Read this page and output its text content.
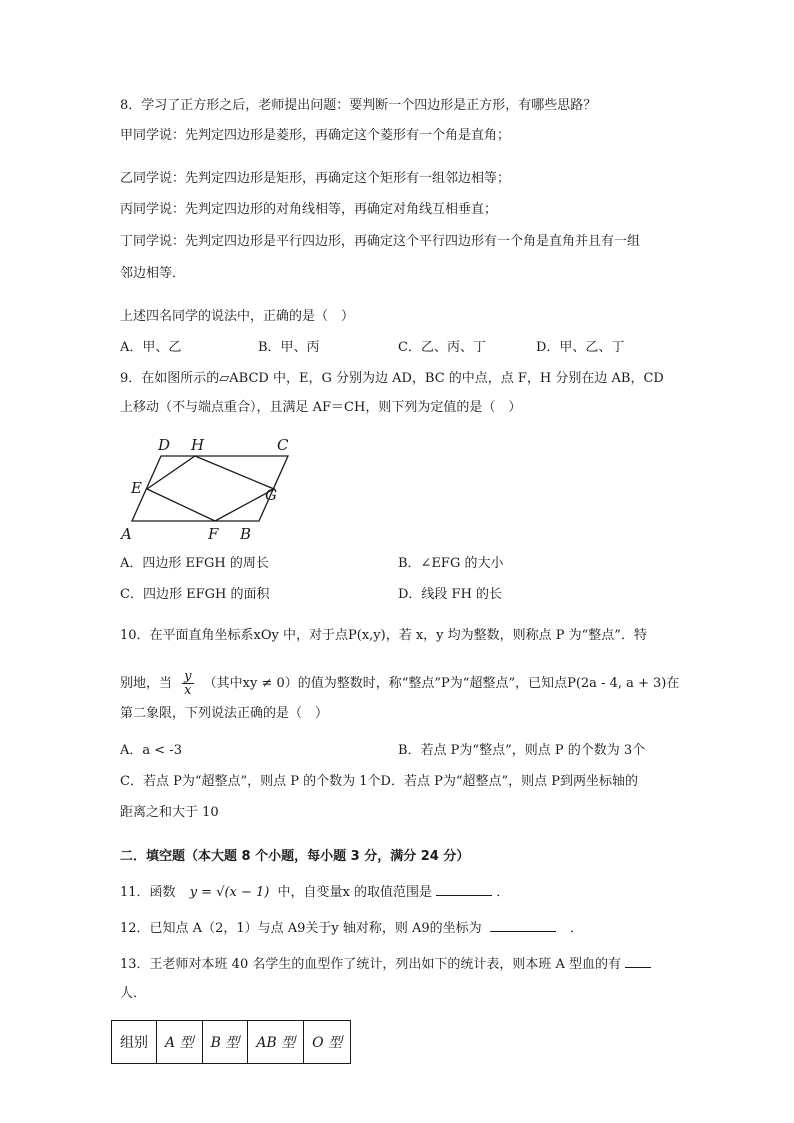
8．学习了正方形之后，老师提出问题：要判断一个四边形是正方形，有哪些思路？
甲同学说：先判定四边形是菱形，再确定这个菱形有一个角是直角；
乙同学说：先判定四边形是矩形，再确定这个矩形有一组邻边相等；
丙同学说：先判定四边形的对角线相等，再确定对角线互相垂直；
丁同学说：先判定四边形是平行四边形，再确定这个平行四边形有一个角是直角并且有一组
邻边相等．
上述四名同学的说法中，正确的是（　）
A．甲、乙	B．甲、丙	C．乙、丙、丁	D．甲、乙、丁
9．在如图所示的▱ABCD 中，E，G 分别为边 AD，BC 的中点，点 F，H 分别在边 AB，CD
上移动（不与端点重合），且满足 AF＝CH，则下列为定值的是（　）
D H	C
E	G
A	F B
A．四边形 EFGH 的周长	B．∠EFG 的大小
C．四边形 EFGH 的面积	D．线段 FH 的长
10．在平面直角坐标系xOy 中，对于点P(x,y)，若 x，y 均为整数，则称点 P 为“整点”．特
别地，当 $\frac{y}{x}$ （其中xy ≠ 0）的值为整数时，称“整点”P为“超整点”，已知点P(2a - 4, a + 3)在
第二象限，下列说法正确的是（　）
A．a < -3	B．若点 P为“整点”，则点 P 的个数为 3个
C．若点 P为“超整点”，则点 P 的个数为 1个D．若点 P为“超整点”，则点 P到两坐标轴的
距离之和大于 10
二．填空题（本大题 8 个小题，每小题 3 分，满分 24 分）
11．函数 y = √(x − 1) 中，自变量x 的取值范围是	．
12．已知点 A（2，1）与点 A9关于y 轴对称，则 A9的坐标为	．
13．王老师对本班 40 名学生的血型作了统计，列出如下的统计表，则本班 A 型血的有
人．
组别	A 型	B 型	AB 型	O 型
